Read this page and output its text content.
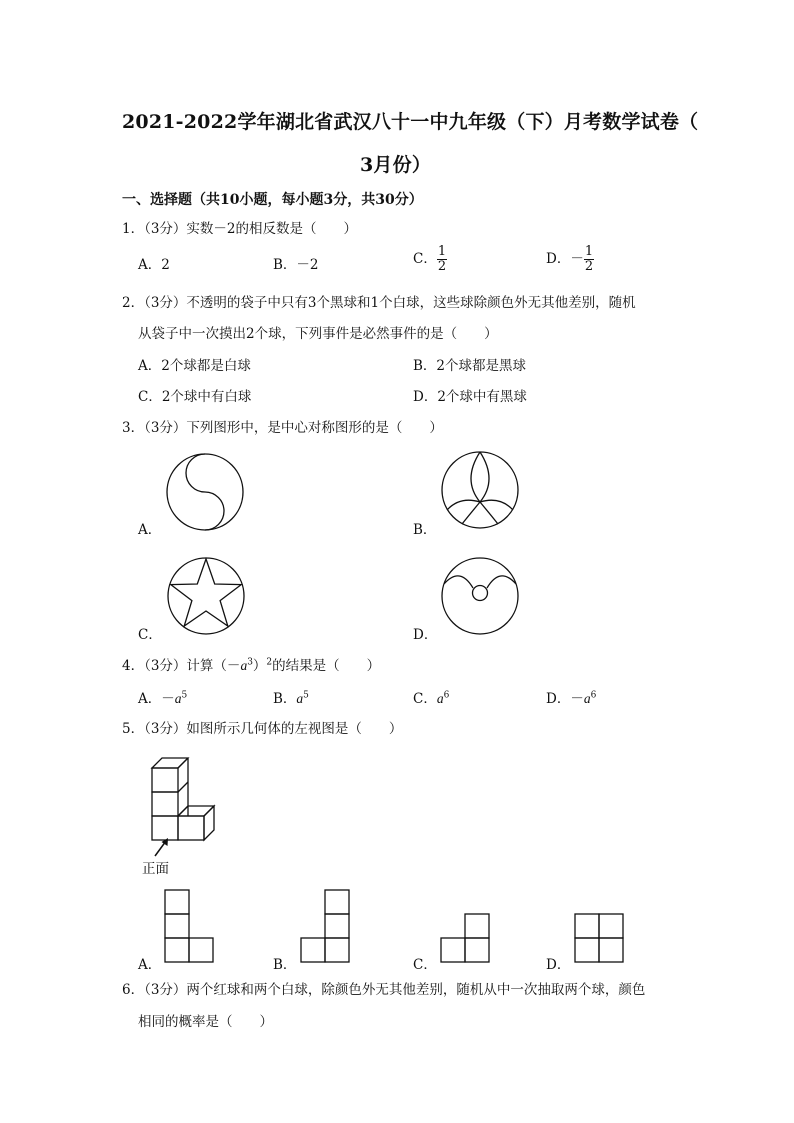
2021-2022学年湖北省武汉八十一中九年级（下）月考数学试卷（
3月份）
一、选择题（共10小题，每小题3分，共30分）
1．（3分）实数－2的相反数是（　　）
A．2	B．－2	C． $\frac{1}{2}$	D．－ $\frac{1}{2}$
2．（3分）不透明的袋子中只有3个黑球和1个白球，这些球除颜色外无其他差别，随机
从袋子中一次摸出2个球，下列事件是必然事件的是（　　）
A．2个球都是白球	B．2个球都是黑球
C．2个球中有白球	D．2个球中有黑球
3．（3分）下列图形中，是中心对称图形的是（　　）
A．	B．
C．	D．
4．（3分）计算$(-a^3)^2$的结果是（　　）
A．$-a^5$	B．$a^5$	C．$a^6$	D．$-a^6$
5．（3分）如图所示几何体的左视图是（　　）
正面
A．	B．	C．	D．
6．（3分）两个红球和两个白球，除颜色外无其他差别，随机从中一次抽取两个球，颜色
相同的概率是（　　）
